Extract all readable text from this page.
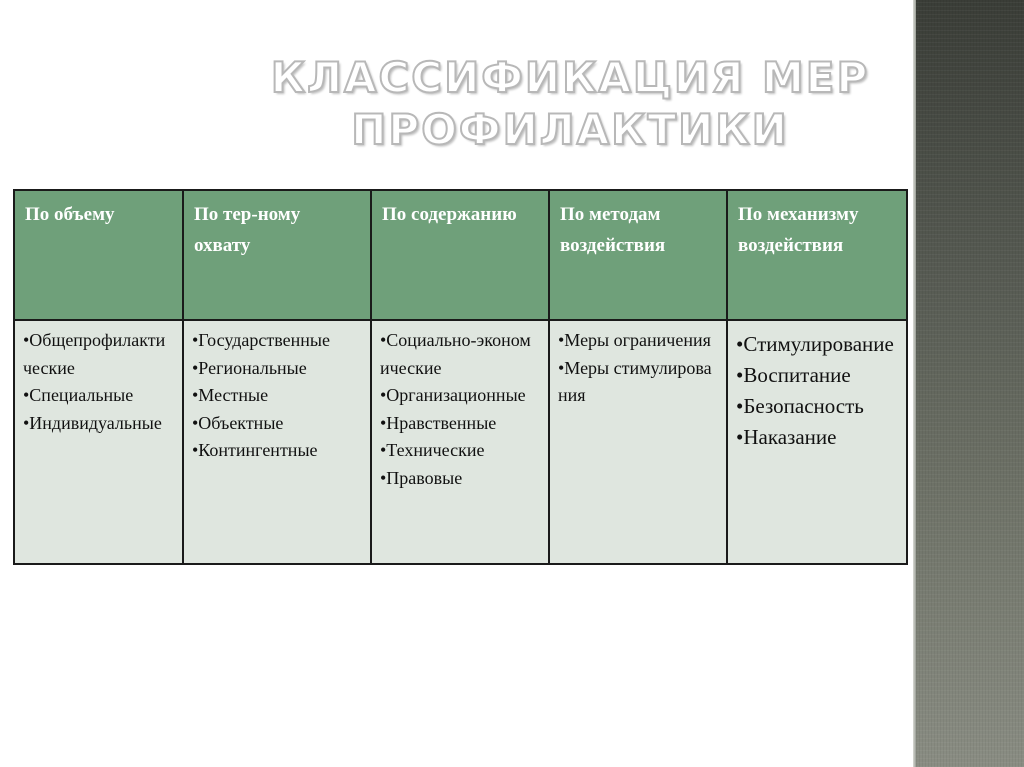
КЛАССИФИКАЦИЯ МЕР
ПРОФИЛАКТИКИ
По объему	По тер-ному охвату	По содержанию	По методам воздействия	По механизму воздействия

•Общепрофилактические
•Специальные
•Индивидуальные	•Государственные
•Региональные
•Местные
•Объектные
•Контингентные	•Социально-экономические
•Организационные
•Нравственные
•Технические
•Правовые	•Меры ограничения
•Меры стимулирования	•Стимулирование
•Воспитание
•Безопасность
•Наказание
